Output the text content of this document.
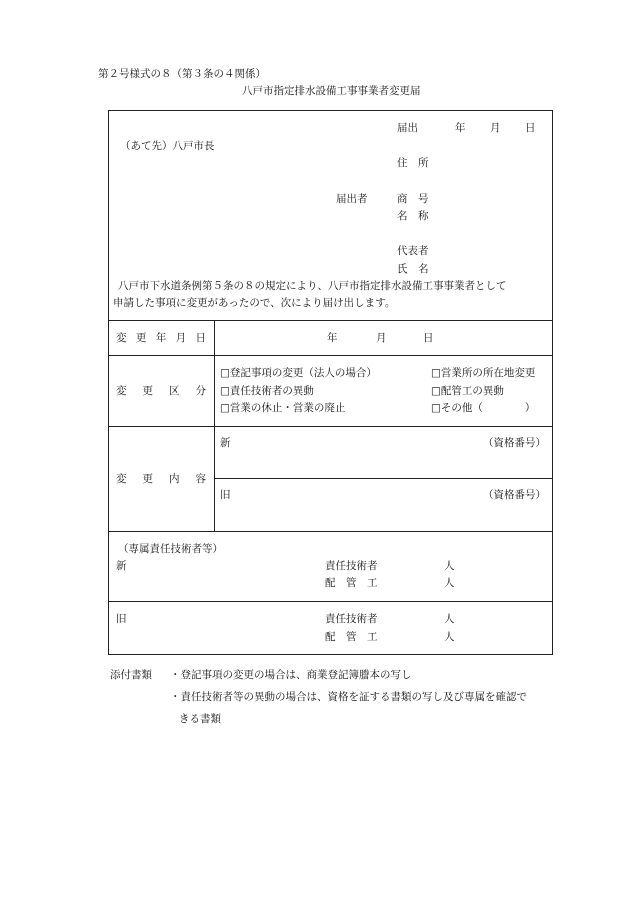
第２号様式の８（第３条の４関係）
八戸市指定排水設備工事事業者変更届
届出	年 月 日
（あて先）八戸市長
住　所
届出者	商　号
名　称
代表者
氏　名
八戸市下水道条例第５条の８の規定により、八戸市指定排水設備工事事業者として
申請した事項に変更があったので、次により届け出します。
変 更 年 月 日	年	月	日
変 更 区 分
□登記事項の変更（法人の場合）	□営業所の所在地変更
□責任技術者の異動	□配管工の異動
□営業の休止・営業の廃止	□その他（　　　　）
変 更 内 容
新	（資格番号）
旧	（資格番号）
（専属責任技術者等）
新	責任技術者	人
配　管　工	人
旧	責任技術者	人
配　管　工	人
添付書類 ・登記事項の変更の場合は、商業登記簿謄本の写し
・責任技術者等の異動の場合は、資格を証する書類の写し及び専属を確認で
きる書類
